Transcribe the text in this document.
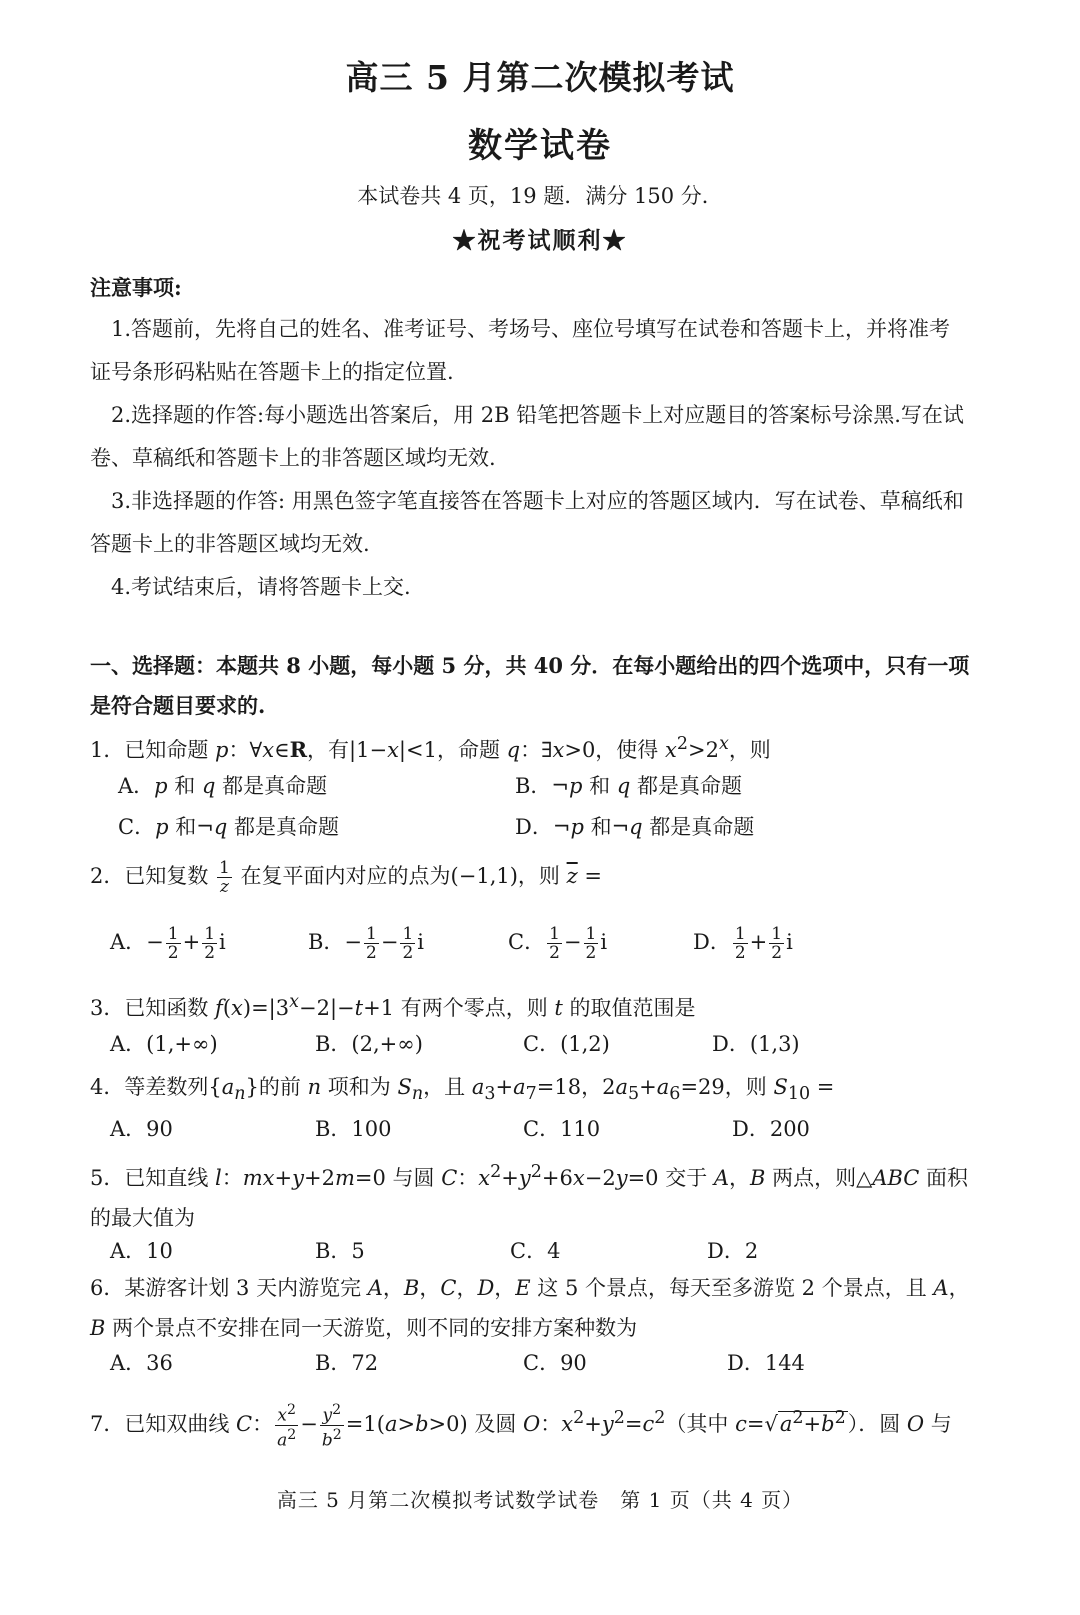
高三 5 月第二次模拟考试
数学试卷
本试卷共 4 页，19 题．满分 150 分．
★祝考试顺利★
注意事项:

1.答题前，先将自己的姓名、准考证号、考场号、座位号填写在试卷和答题卡上，并将准考证号条形码粘贴在答题卡上的指定位置.

2.选择题的作答:每小题选出答案后，用 2B 铅笔把答题卡上对应题目的答案标号涂黑.写在试卷、草稿纸和答题卡上的非答题区域均无效.

3.非选择题的作答: 用黑色签字笔直接答在答题卡上对应的答题区域内．写在试卷、草稿纸和答题卡上的非答题区域均无效.

4.考试结束后，请将答题卡上交.

一、选择题：本题共 8 小题，每小题 5 分，共 40 分．在每小题给出的四个选项中，只有一项是符合题目要求的.
1．已知命题 p：∀x∈R，有|1−x|<1，命题 q：∃x>0，使得 $x^2>2^x$，则
A．p 和 q 都是真命题	B．¬p 和 q 都是真命题
C．p 和¬q 都是真命题	D．¬p 和¬q 都是真命题
2．已知复数 $\frac{1}{z}$ 在复平面内对应的点为(−1,1)，则 $\overline{z}$ =
A．− $\frac{1}{2} + \frac{1}{2}$ i	B．− $\frac{1}{2} - \frac{1}{2}$ i	C． $\frac{1}{2} - \frac{1}{2}$ i	D． $\frac{1}{2} + \frac{1}{2}$ i
3．已知函数 $f(x)=|3^x-2|-t+1$ 有两个零点，则 t 的取值范围是
A．(1,+∞)	B．(2,+∞)	C．(1,2)	D．(1,3)
4．等差数列$\{a_n\}$的前 n 项和为 $S_n$，且 $a_3+a_7=18$，$2a_5+a_6=29$，则 $S_{10}$ =
A．90	B．100	C．110	D．200
5．已知直线 l：mx+y+2m=0 与圆 C：$x^2+y^2+6x-2y=0$ 交于 A，B 两点，则△ABC 面积的最大值为
A．10	B．5	C．4	D．2
6．某游客计划 3 天内游览完 A，B，C，D，E 这 5 个景点，每天至多游览 2 个景点，且 A，B 两个景点不安排在同一天游览，则不同的安排方案种数为
A．36	B．72	C．90	D．144
7．已知双曲线 C： $\frac{x^2}{a^2} - \frac{y^2}{b^2} =1(a>b>0)$ 及圆 O：$x^2+y^2=c^2$（其中 $c=√a^2+b^2$）．圆 O 与
高三 5 月第二次模拟考试数学试卷　第 1 页（共 4 页）
